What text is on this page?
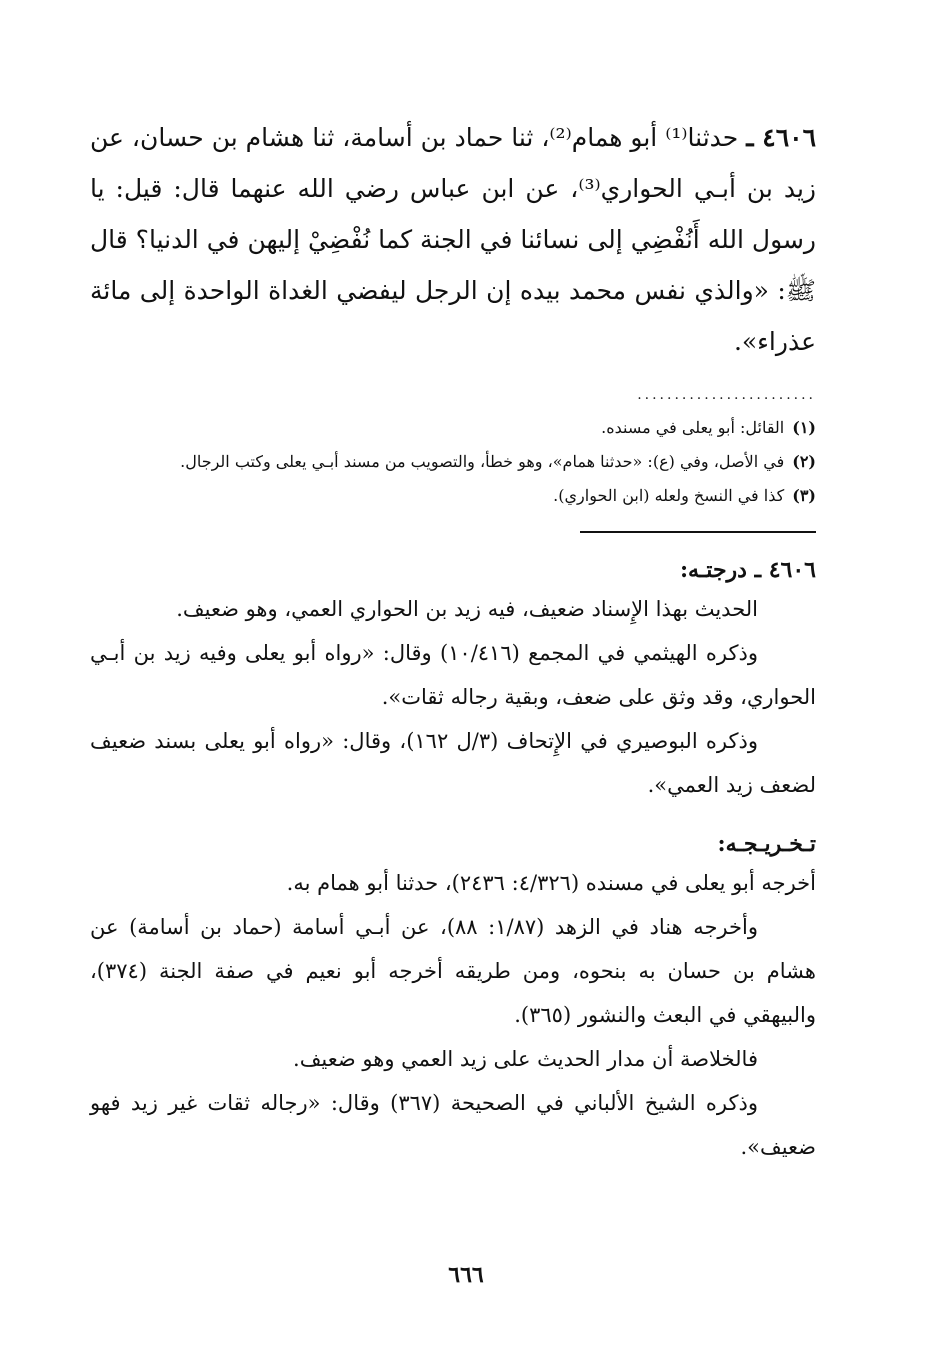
٤٦٠٦ ـ حدثنا⁽¹⁾ أبو همام⁽²⁾، ثنا حماد بن أسامة، ثنا هشام بن حسان، عن زيد بن أبـي الحواري⁽³⁾، عن ابن عباس رضي الله عنهما قال: قيل: يا رسول الله أَنُفْضِي إلى نسائنا في الجنة كما نُفْضِيْ إليهن في الدنيا؟ قال ﷺ: «والذي نفس محمد بيده إن الرجل ليفضي الغداة الواحدة إلى مائة عذراء».

........................
(١)
القائل: أبو يعلى في مسنده.
(٢)
في الأصل، وفي (ع): «حدثنا همام»، وهو خطأ، والتصويب من مسند أبـي يعلى وكتب الرجال.
(٣)
كذا في النسخ ولعله (ابن الحواري).
٤٦٠٦ ـ درجتـه:

الحديث بهذا الإِسناد ضعيف، فيه زيد بن الحواري العمي، وهو ضعيف.

وذكره الهيثمي في المجمع (١٠/٤١٦) وقال: «رواه أبو يعلى وفيه زيد بن أبـي الحواري، وقد وثق على ضعف، وبقية رجاله ثقات».

وذكره البوصيري في الإِتحاف (٣/ل ١٦٢)، وقال: «رواه أبو يعلى بسند ضعيف لضعف زيد العمي».

تـخـريـجـه:

أخرجه أبو يعلى في مسنده (٤/٣٢٦: ٢٤٣٦)، حدثنا أبو همام به.

وأخرجه هناد في الزهد (١/٨٧: ٨٨)، عن أبـي أسامة (حماد بن أسامة) عن هشام بن حسان به بنحوه، ومن طريقه أخرجه أبو نعيم في صفة الجنة (٣٧٤)، والبيهقي في البعث والنشور (٣٦٥).

فالخلاصة أن مدار الحديث على زيد العمي وهو ضعيف.

وذكره الشيخ الألباني في الصحيحة (٣٦٧) وقال: «رجاله ثقات غير زيد فهو ضعيف».

٦٦٦
